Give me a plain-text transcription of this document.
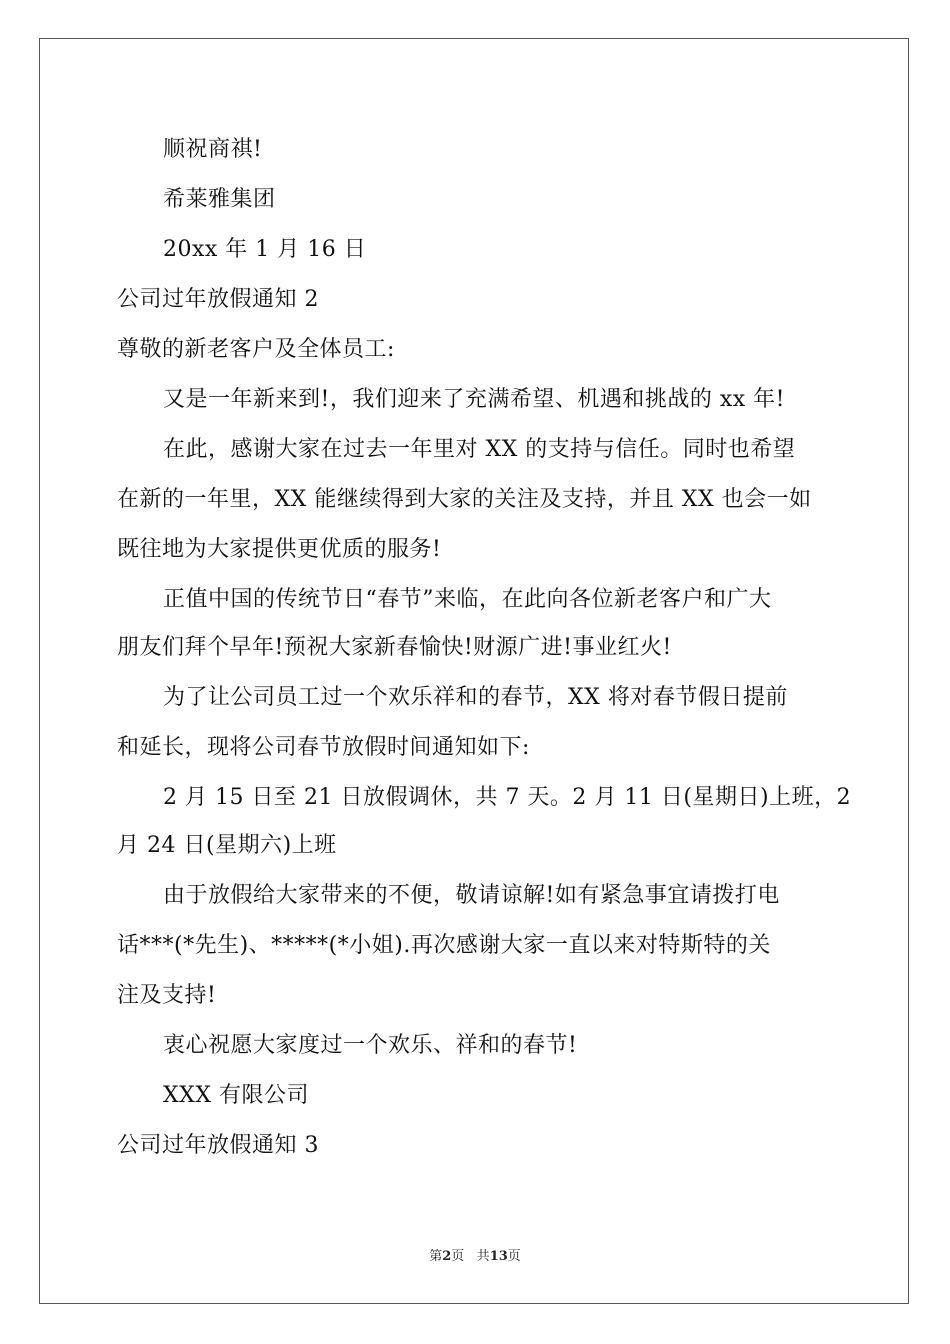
顺祝商祺!
希莱雅集团
20xx 年 1 月 16 日
公司过年放假通知 2
尊敬的新老客户及全体员工:
又是一年新来到!，我们迎来了充满希望、机遇和挑战的 xx 年!
在此，感谢大家在过去一年里对 XX 的支持与信任。同时也希望
在新的一年里，XX 能继续得到大家的关注及支持，并且 XX 也会一如
既往地为大家提供更优质的服务!
正值中国的传统节日“春节”来临，在此向各位新老客户和广大
朋友们拜个早年!预祝大家新春愉快!财源广进!事业红火!
为了让公司员工过一个欢乐祥和的春节，XX 将对春节假日提前
和延长，现将公司春节放假时间通知如下:
2 月 15 日至 21 日放假调休，共 7 天。2 月 11 日(星期日)上班，2
月 24 日(星期六)上班
由于放假给大家带来的不便，敬请谅解!如有紧急事宜请拨打电
话***(*先生)、*****(*小姐).再次感谢大家一直以来对特斯特的关
注及支持!
衷心祝愿大家度过一个欢乐、祥和的春节!
XXX 有限公司
公司过年放假通知 3
第2页 共13页
